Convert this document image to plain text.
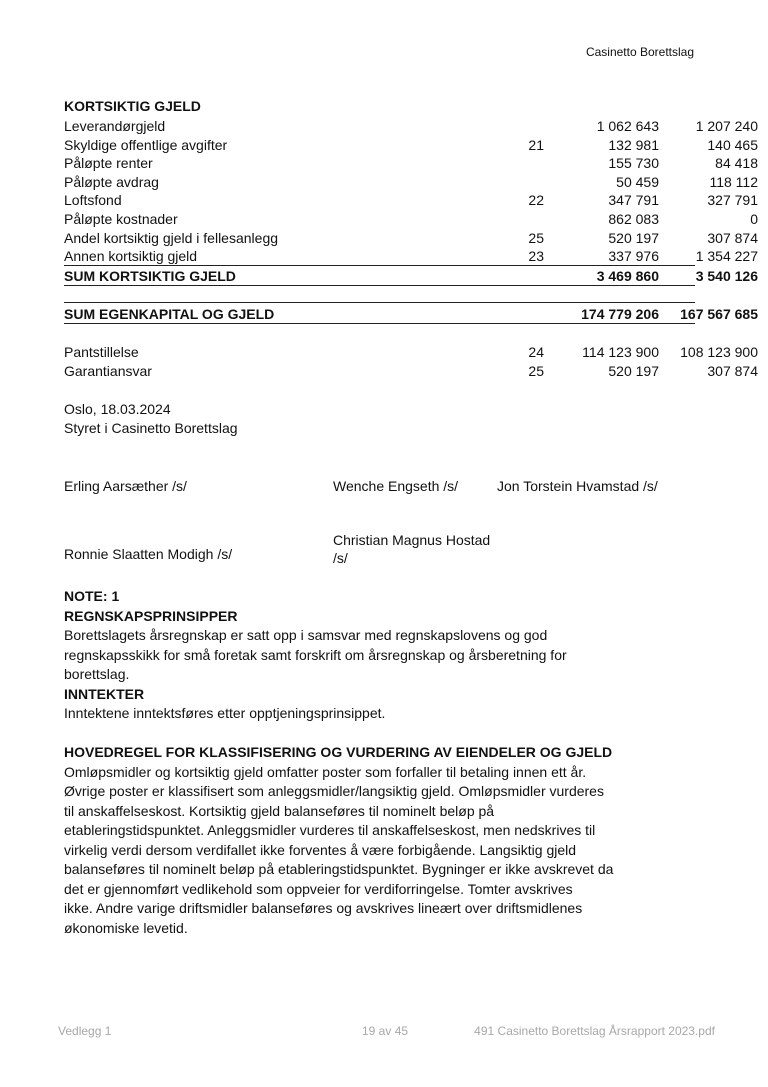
Casinetto Borettslag
KORTSIKTIG GJELD
Leverandørgjeld	1 062 643	1 207 240
Skyldige offentlige avgifter	21	132 981	140 465
Påløpte renter	155 730	84 418
Påløpte avdrag	50 459	118 112
Loftsfond	22	347 791	327 791
Påløpte kostnader	862 083	0
Andel kortsiktig gjeld i fellesanlegg	25	520 197	307 874
Annen kortsiktig gjeld	23	337 976	1 354 227
SUM KORTSIKTIG GJELD	3 469 860	3 540 126
SUM EGENKAPITAL OG GJELD	174 779 206	167 567 685
Pantstillelse	24	114 123 900	108 123 900
Garantiansvar	25	520 197	307 874
Oslo, 18.03.2024
Styret i Casinetto Borettslag
Erling Aarsæther /s/	Wenche Engseth /s/	Jon Torstein Hvamstad /s/
Ronnie Slaatten Modigh /s/
Christian Magnus Hostad
/s/
NOTE: 1
REGNSKAPSPRINSIPPER
Borettslagets årsregnskap er satt opp i samsvar med regnskapslovens og god
regnskapsskikk for små foretak samt forskrift om årsregnskap og årsberetning for
borettslag.
INNTEKTER
Inntektene inntektsføres etter opptjeningsprinsippet.
HOVEDREGEL FOR KLASSIFISERING OG VURDERING AV EIENDELER OG GJELD
Omløpsmidler og kortsiktig gjeld omfatter poster som forfaller til betaling innen ett år.
Øvrige poster er klassifisert som anleggsmidler/langsiktig gjeld. Omløpsmidler vurderes
til anskaffelseskost. Kortsiktig gjeld balanseføres til nominelt beløp på
etableringstidspunktet. Anleggsmidler vurderes til anskaffelseskost, men nedskrives til
virkelig verdi dersom verdifallet ikke forventes å være forbigående. Langsiktig gjeld
balanseføres til nominelt beløp på etableringstidspunktet. Bygninger er ikke avskrevet da
det er gjennomført vedlikehold som oppveier for verdiforringelse. Tomter avskrives
ikke. Andre varige driftsmidler balanseføres og avskrives lineært over driftsmidlenes
økonomiske levetid.
Vedlegg 1	19 av 45	491 Casinetto Borettslag Årsrapport 2023.pdf
